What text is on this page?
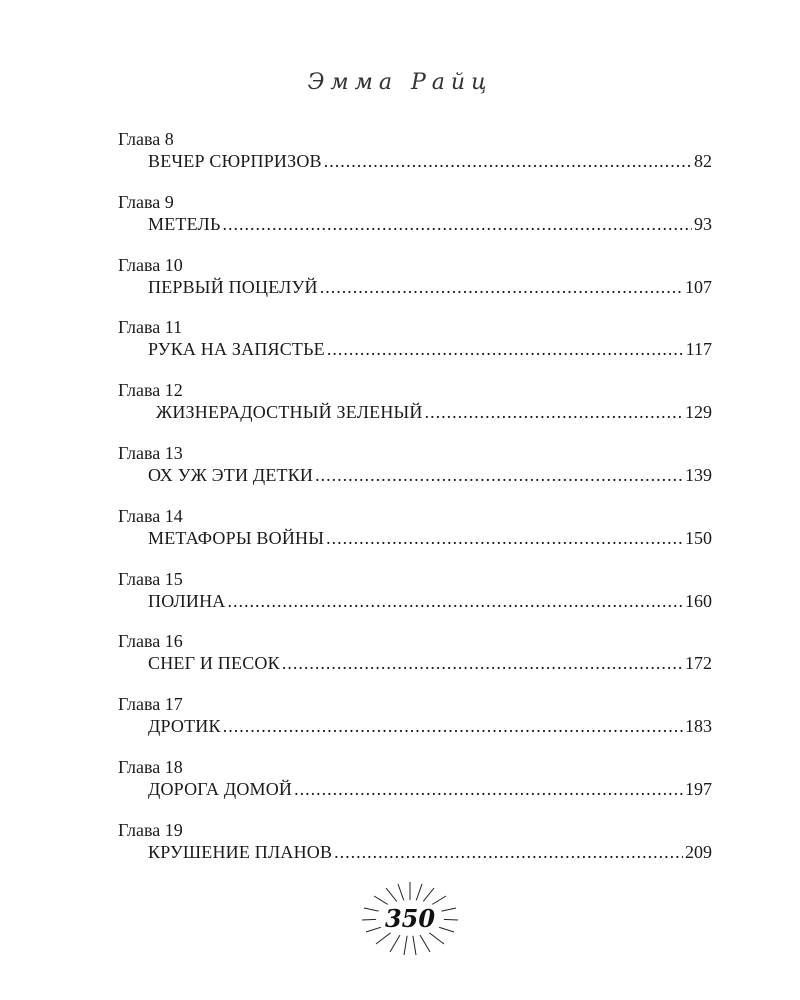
Эмма Райц
Глава 8
ВЕЧЕР СЮРПРИЗОВ .....	82
Глава 9
МЕТЕЛЬ .....	93
Глава 10
ПЕРВЫЙ ПОЦЕЛУЙ .....	107
Глава 11
РУКА НА ЗАПЯСТЬЕ .....	117
Глава 12
ЖИЗНЕРАДОСТНЫЙ ЗЕЛЕНЫЙ .....	129
Глава 13
ОХ УЖ ЭТИ ДЕТКИ .....	139
Глава 14
МЕТАФОРЫ ВОЙНЫ .....	150
Глава 15
ПОЛИНА .....	160
Глава 16
СНЕГ И ПЕСОК .....	172
Глава 17
ДРОТИК .....	183
Глава 18
ДОРОГА ДОМОЙ .....	197
Глава 19
КРУШЕНИЕ ПЛАНОВ .....	209
350
